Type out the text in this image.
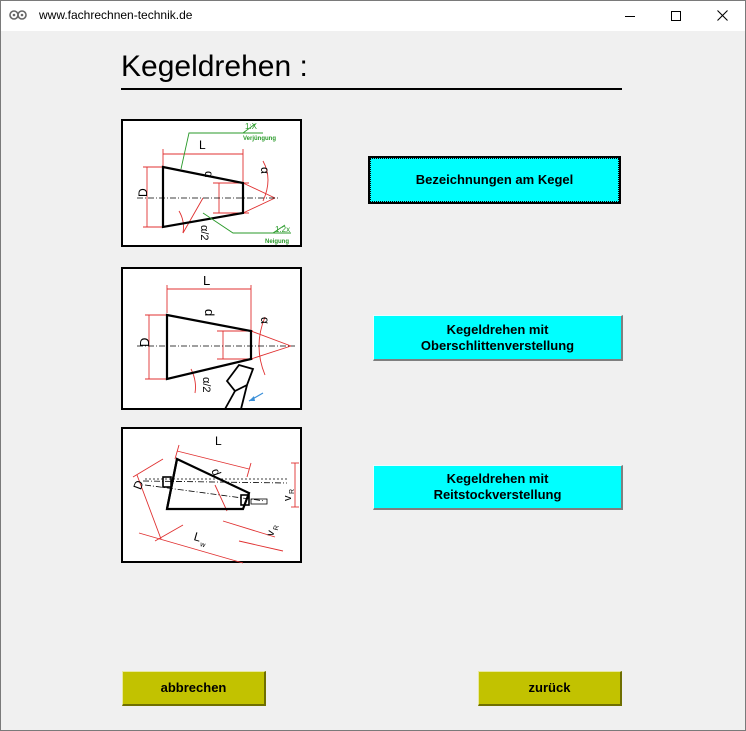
www.fachrechnen-technik.de
Kegeldrehen :
1:X
Verjüngung
1:2x
Neigung
L
d
D
α
α/2
L
d
D
α
α/2
L
d
D
L
w
v
R
v
R
Bezeichnungen am Kegel
Kegeldrehen mit
Oberschlittenverstellung
Kegeldrehen mit
Reitstockverstellung
abbrechen	zurück
